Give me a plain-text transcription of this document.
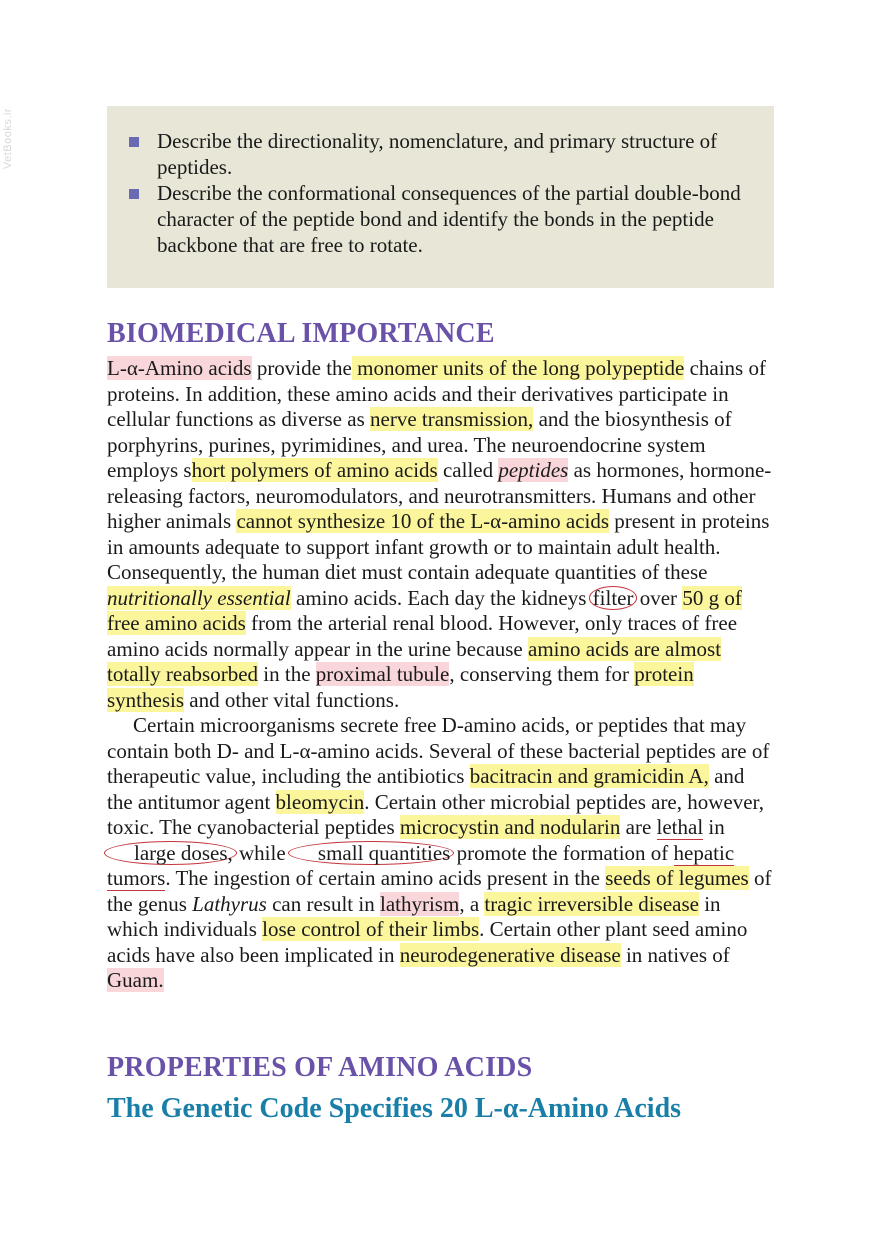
VetBooks.ir	Describe the directionality, nomenclature, and primary structure of peptides.
Describe the conformational consequences of the partial double-bond character of the peptide bond and identify the bonds in the peptide backbone that are free to rotate.
BIOMEDICAL IMPORTANCE

L-α-Amino acids provide the monomer units of the long polypeptide chains of proteins. In addition, these amino acids and their derivatives participate in cellular functions as diverse as nerve transmission, and the biosynthesis of porphyrins, purines, pyrimidines, and urea. The neuroendocrine system employs short polymers of amino acids called peptides as hormones, hormone-releasing factors, neuromodulators, and neurotransmitters. Humans and other higher animals cannot synthesize 10 of the L-α-amino acids present in proteins in amounts adequate to support infant growth or to maintain adult health. Consequently, the human diet must contain adequate quantities of these nutritionally essential amino acids. Each day the kidneys filter over 50 g of free amino acids from the arterial renal blood. However, only traces of free amino acids normally appear in the urine because amino acids are almost totally reabsorbed in the proximal tubule, conserving them for protein synthesis and other vital functions.

Certain microorganisms secrete free D-amino acids, or peptides that may contain both D- and L-α-amino acids. Several of these bacterial peptides are of therapeutic value, including the antibiotics bacitracin and gramicidin A, and the antitumor agent bleomycin. Certain other microbial peptides are, however, toxic. The cyanobacterial peptides microcystin and nodularin are lethal in large doses, while small quantities promote the formation of hepatic tumors. The ingestion of certain amino acids present in the seeds of legumes of the genus Lathyrus can result in lathyrism, a tragic irreversible disease in which individuals lose control of their limbs. Certain other plant seed amino acids have also been implicated in neurodegenerative disease in natives of Guam.

PROPERTIES OF AMINO ACIDS
The Genetic Code Specifies 20 L-α-Amino Acids
